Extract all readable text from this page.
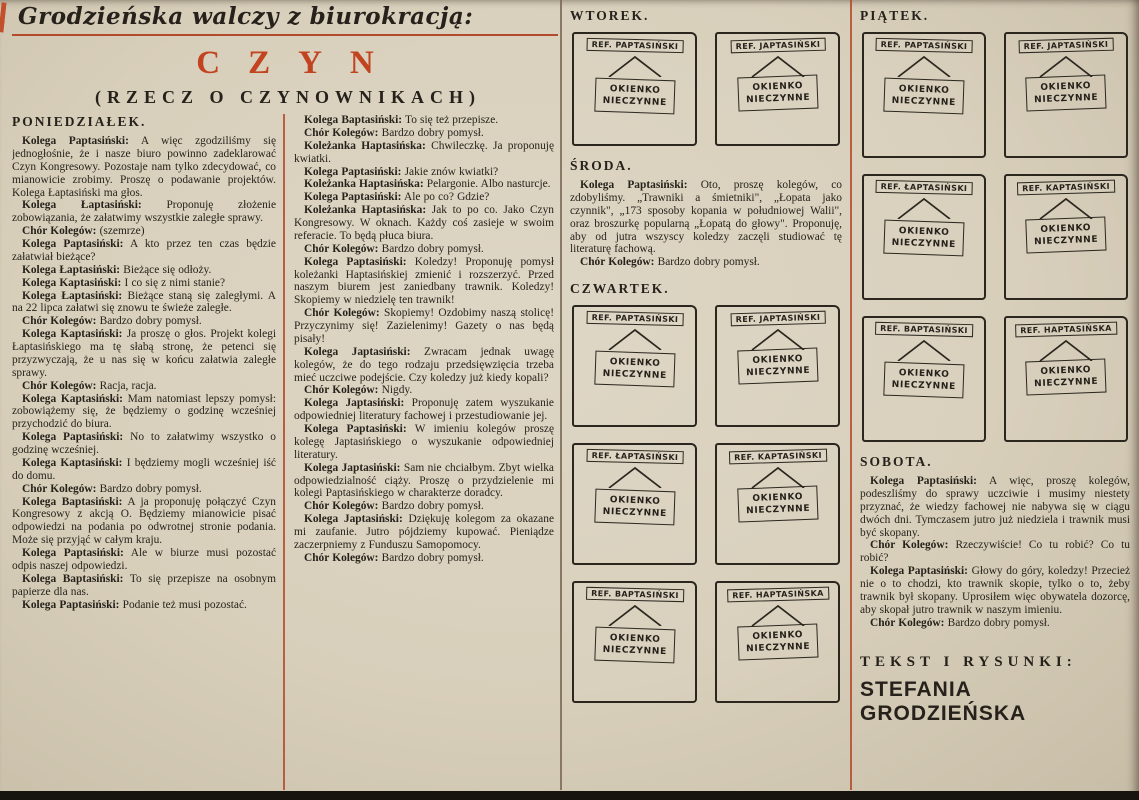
Grodzieńska walczy z biurokracją:
CZYN
(RZECZ O CZYNOWNIKACH)
PONIEDZIAŁEK.

Kolega Paptasiński: A więc zgodziliśmy się jednogłośnie, że i nasze biuro powinno zadeklarować Czyn Kongresowy. Pozostaje nam tylko zdecydować, co mianowicie zrobimy. Proszę o podawanie projektów. Kolega Łaptasiński ma głos.

Kolega Łaptasiński: Proponuję złożenie zobowiązania, że załatwimy wszystkie zaległe sprawy.

Chór Kolegów: (szemrze)

Kolega Paptasiński: A kto przez ten czas będzie załatwiał bieżące?

Kolega Łaptasiński: Bieżące się odłoży.

Kolega Kaptasiński: I co się z nimi stanie?

Kolega Łaptasiński: Bieżące staną się zaległymi. A na 22 lipca załatwi się znowu te świeże zaległe.

Chór Kolegów: Bardzo dobry pomysł.

Kolega Kaptasiński: Ja proszę o głos. Projekt kolegi Łaptasińskiego ma tę słabą stronę, że petenci się przyzwyczają, że u nas się w końcu załatwia zaległe sprawy.

Chór Kolegów: Racja, racja.

Kolega Kaptasiński: Mam natomiast lepszy pomysł: zobowiążemy się, że będziemy o godzinę wcześniej przychodzić do biura.

Kolega Paptasiński: No to załatwimy wszystko o godzinę wcześniej.

Kolega Kaptasiński: I będziemy mogli wcześniej iść do domu.

Chór Kolegów: Bardzo dobry pomysł.

Kolega Baptasiński: A ja proponuję połączyć Czyn Kongresowy z akcją O. Będziemy mianowicie pisać odpowiedzi na podania po odwrotnej stronie podania. Może się przyjąć w całym kraju.

Kolega Paptasiński: Ale w biurze musi pozostać odpis naszej odpowiedzi.

Kolega Baptasiński: To się przepisze na osobnym papierze dla nas.

Kolega Paptasiński: Podanie też musi pozostać.

Kolega Baptasiński: To się też przepisze.

Chór Kolegów: Bardzo dobry pomysł.

Koleżanka Haptasińska: Chwileczkę. Ja proponuję kwiatki.

Kolega Paptasiński: Jakie znów kwiatki?

Koleżanka Haptasińska: Pelargonie. Albo nasturcje.

Kolega Paptasiński: Ale po co? Gdzie?

Koleżanka Haptasińska: Jak to po co. Jako Czyn Kongresowy. W oknach. Każdy coś zasieje w swoim referacie. To będą płuca biura.

Chór Kolegów: Bardzo dobry pomysł.

Kolega Paptasiński: Koledzy! Proponuję pomysł koleżanki Haptasińskiej zmienić i rozszerzyć. Przed naszym biurem jest zaniedbany trawnik. Koledzy! Skopiemy w niedzielę ten trawnik!

Chór Kolegów: Skopiemy! Ozdobimy naszą stolicę! Przyczynimy się! Zazielenimy! Gazety o nas będą pisały!

Kolega Japtasiński: Zwracam jednak uwagę kolegów, że do tego rodzaju przedsięwzięcia trzeba mieć uczciwe podejście. Czy koledzy już kiedy kopali?

Chór Kolegów: Nigdy.

Kolega Japtasiński: Proponuję zatem wyszukanie odpowiedniej literatury fachowej i przestudiowanie jej.

Kolega Paptasiński: W imieniu kolegów proszę kolegę Japtasińskiego o wyszukanie odpowiedniej literatury.

Kolega Japtasiński: Sam nie chciałbym. Zbyt wielka odpowiedzialność ciąży. Proszę o przydzielenie mi kolegi Paptasińskiego w charakterze doradcy.

Chór Kolegów: Bardzo dobry pomysł.

Kolega Japtasiński: Dziękuję kolegom za okazane mi zaufanie. Jutro pójdziemy kupować. Pieniądze zaczerpniemy z Funduszu Samopomocy.

Chór Kolegów: Bardzo dobry pomysł.

WTOREK.
REF. PAPTASIŃSKI
OKIENKO
NIECZYNNE
REF. JAPTASIŃSKI
OKIENKO
NIECZYNNE
ŚRODA.

Kolega Paptasiński: Oto, proszę kolegów, co zdobyliśmy. „Trawniki a śmietniki", „Łopata jako czynnik", „173 sposoby kopania w południowej Walii", oraz broszurkę popularną „Łopatą do głowy". Proponuję, aby od jutra wszyscy koledzy zaczęli studiować tę literaturę fachową.

Chór Kolegów: Bardzo dobry pomysł.

CZWARTEK.
REF. PAPTASIŃSKI
OKIENKO
NIECZYNNE
REF. JAPTASIŃSKI
OKIENKO
NIECZYNNE
REF. ŁAPTASIŃSKI
OKIENKO
NIECZYNNE
REF. KAPTASIŃSKI
OKIENKO
NIECZYNNE
REF. BAPTASIŃSKI
OKIENKO
NIECZYNNE
REF. HAPTASIŃSKA
OKIENKO
NIECZYNNE
PIĄTEK.
REF. PAPTASIŃSKI
OKIENKO
NIECZYNNE
REF. JAPTASIŃSKI
OKIENKO
NIECZYNNE
REF. ŁAPTASIŃSKI
OKIENKO
NIECZYNNE
REF. KAPTASIŃSKI
OKIENKO
NIECZYNNE
REF. BAPTASIŃSKI
OKIENKO
NIECZYNNE
REF. HAPTASIŃSKA
OKIENKO
NIECZYNNE
SOBOTA.

Kolega Paptasiński: A więc, proszę kolegów, podeszliśmy do sprawy uczciwie i musimy niestety przyznać, że wiedzy fachowej nie nabywa się w ciągu dwóch dni. Tymczasem jutro już niedziela i trawnik musi być skopany.

Chór Kolegów: Rzeczywiście! Co tu robić? Co tu robić?

Kolega Paptasiński: Głowy do góry, koledzy! Przecież nie o to chodzi, kto trawnik skopie, tylko o to, żeby trawnik był skopany. Uprosiłem więc obywatela dozorcę, aby skopał jutro trawnik w naszym imieniu.

Chór Kolegów: Bardzo dobry pomysł.

TEKST I RYSUNKI:
STEFANIA GRODZIEŃSKA
